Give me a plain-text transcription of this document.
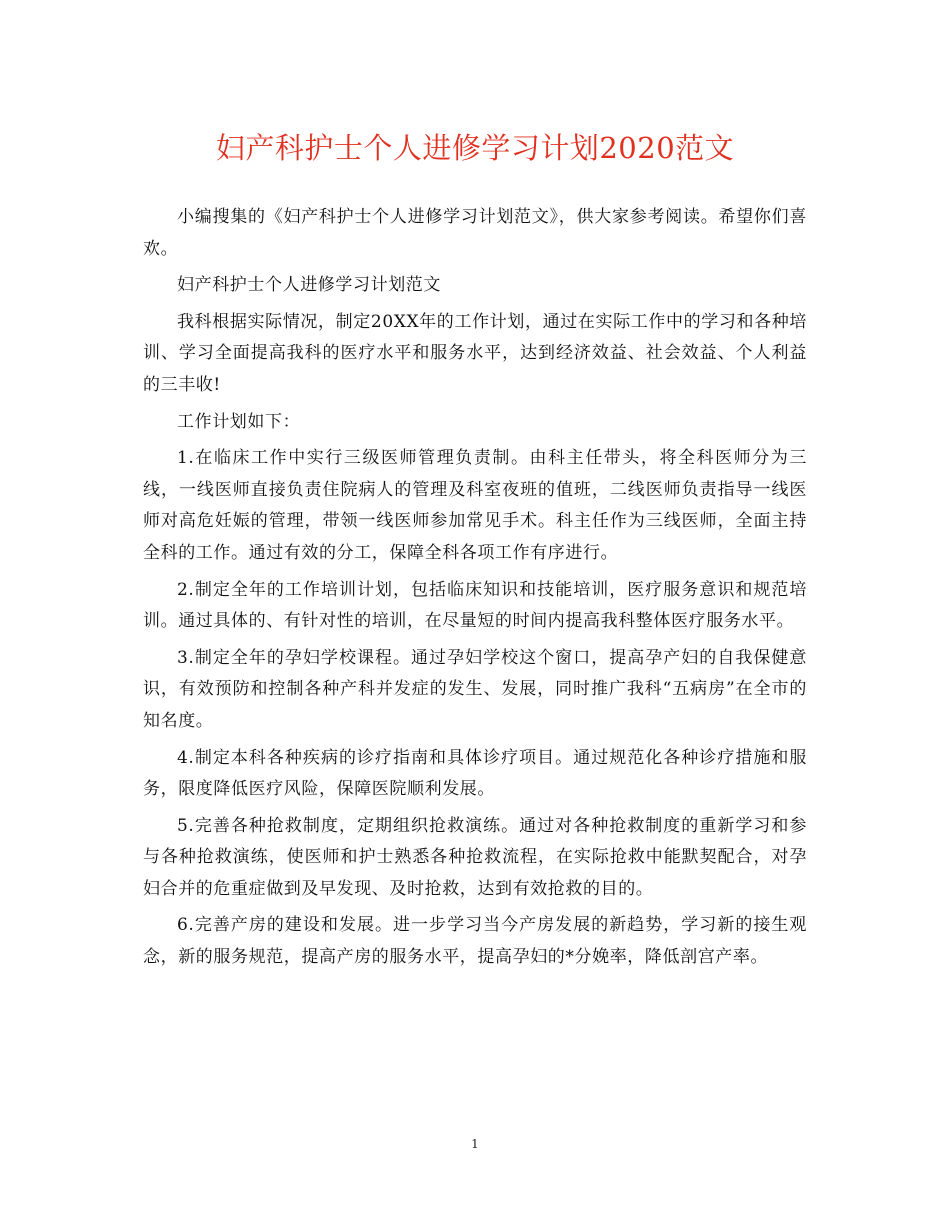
妇产科护士个人进修学习计划2020范文

小编搜集的《妇产科护士个人进修学习计划范文》，供大家参考阅读。希望你们喜欢。

妇产科护士个人进修学习计划范文

我科根据实际情况，制定20XX年的工作计划，通过在实际工作中的学习和各种培训、学习全面提高我科的医疗水平和服务水平，达到经济效益、社会效益、个人利益的三丰收!

工作计划如下：

1.在临床工作中实行三级医师管理负责制。由科主任带头，将全科医师分为三线，一线医师直接负责住院病人的管理及科室夜班的值班，二线医师负责指导一线医师对高危妊娠的管理，带领一线医师参加常见手术。科主任作为三线医师，全面主持全科的工作。通过有效的分工，保障全科各项工作有序进行。

2.制定全年的工作培训计划，包括临床知识和技能培训，医疗服务意识和规范培训。通过具体的、有针对性的培训，在尽量短的时间内提高我科整体医疗服务水平。

3.制定全年的孕妇学校课程。通过孕妇学校这个窗口，提高孕产妇的自我保健意识，有效预防和控制各种产科并发症的发生、发展，同时推广我科“五病房”在全市的知名度。

4.制定本科各种疾病的诊疗指南和具体诊疗项目。通过规范化各种诊疗措施和服务，限度降低医疗风险，保障医院顺利发展。

5.完善各种抢救制度，定期组织抢救演练。通过对各种抢救制度的重新学习和参与各种抢救演练，使医师和护士熟悉各种抢救流程，在实际抢救中能默契配合，对孕妇合并的危重症做到及早发现、及时抢救，达到有效抢救的目的。

6.完善产房的建设和发展。进一步学习当今产房发展的新趋势，学习新的接生观念，新的服务规范，提高产房的服务水平，提高孕妇的*分娩率，降低剖宫产率。

1
